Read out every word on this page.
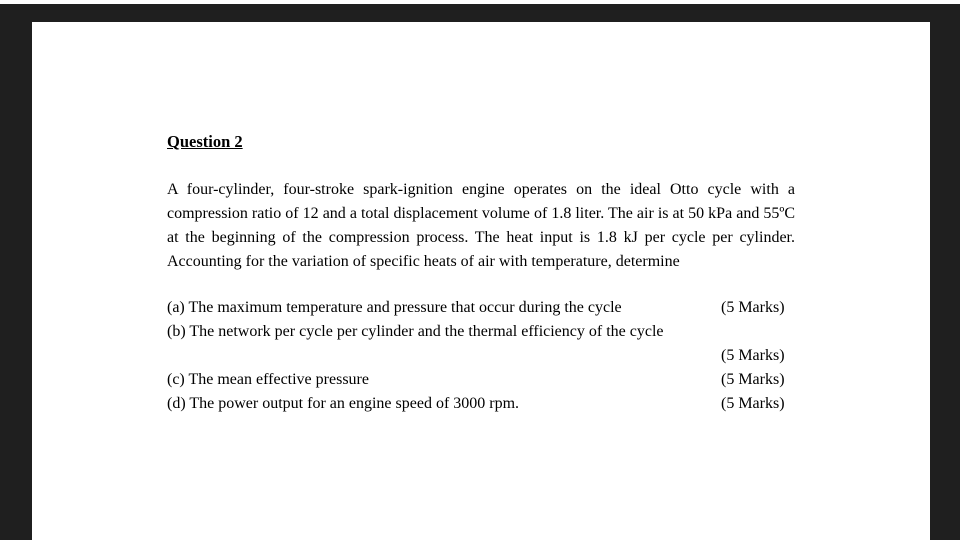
Question 2

A four-cylinder, four-stroke spark-ignition engine operates on the ideal Otto cycle with a compression ratio of 12 and a total displacement volume of 1.8 liter. The air is at 50 kPa and 55ºC at the beginning of the compression process. The heat input is 1.8 kJ per cycle per cylinder. Accounting for the variation of specific heats of air with temperature, determine

(a) The maximum temperature and pressure that occur during the cycle	(5 Marks)
(b) The network per cycle per cylinder and the thermal efficiency of the cycle
(5 Marks)
(c) The mean effective pressure	(5 Marks)
(d) The power output for an engine speed of 3000 rpm.	(5 Marks)
